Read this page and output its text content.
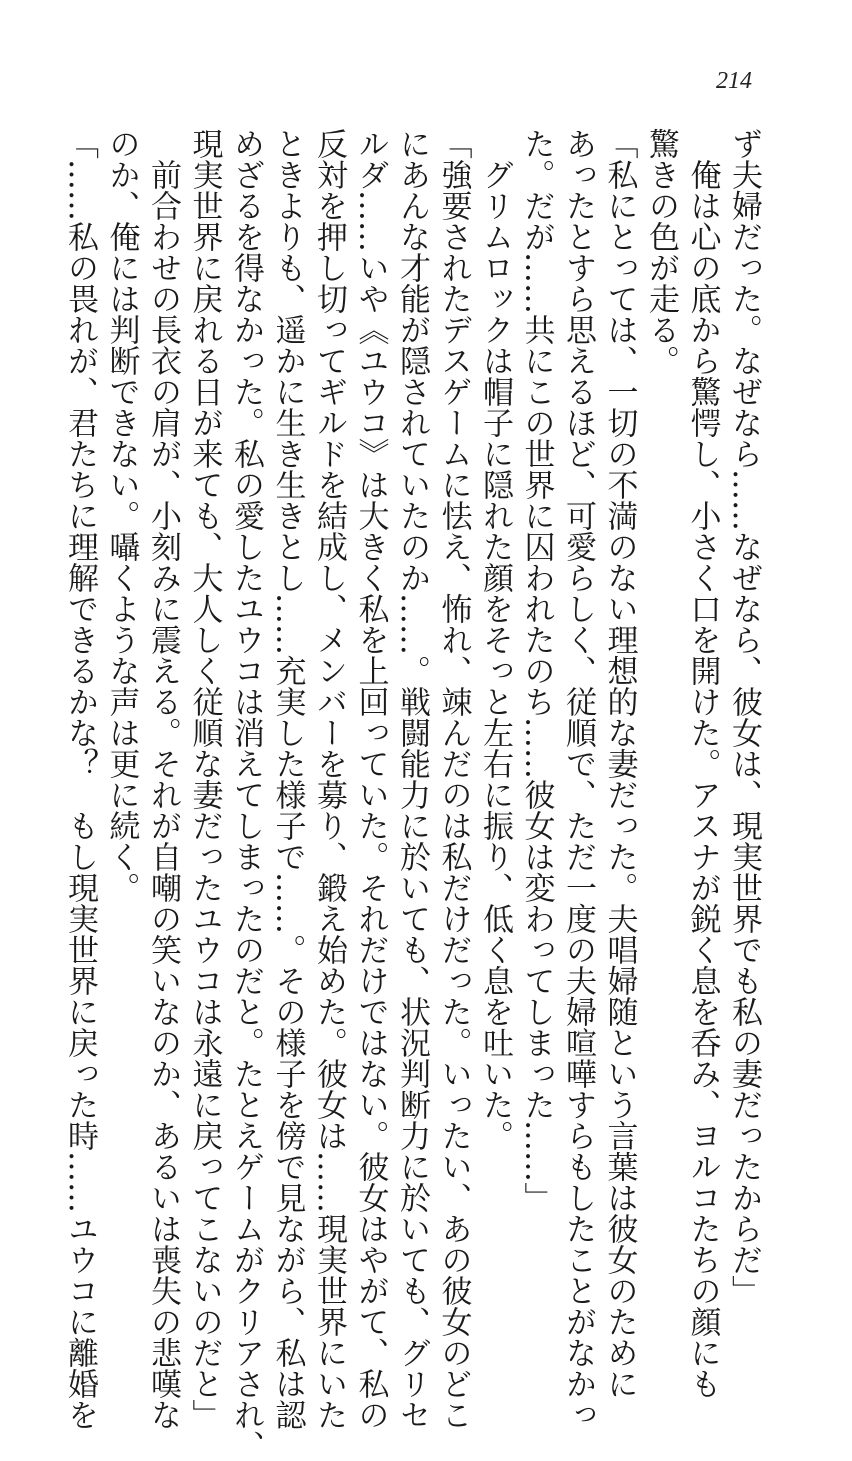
214
ず夫婦だった。なぜなら……なぜなら、彼女は、現実世界でも私の妻だったからだ」
　俺は心の底から驚愕し、小さく口を開けた。アスナが鋭く息を呑み、ヨルコたちの顔にも
驚きの色が走る。
「私にとっては、一切の不満のない理想的な妻だった。夫唱婦随という言葉は彼女のために
あったとすら思えるほど、可愛らしく、従順で、ただ一度の夫婦喧嘩すらもしたことがなかっ
た。だが……共にこの世界に囚われたのち……彼女は変わってしまった……」
　グリムロックは帽子に隠れた顔をそっと左右に振り、低く息を吐いた。
「強要されたデスゲームに怯え、怖れ、竦んだのは私だけだった。いったい、あの彼女のどこ
にあんな才能が隠されていたのか……。戦闘能力に於いても、状況判断力に於いても、グリセ
ルダ……いや《ユウコ》は大きく私を上回っていた。それだけではない。彼女はやがて、私の
反対を押し切ってギルドを結成し、メンバーを募り、鍛え始めた。彼女は……現実世界にいた
ときよりも、遥かに生き生きとし……充実した様子で……。その様子を傍で見ながら、私は認
めざるを得なかった。私の愛したユウコは消えてしまったのだと。たとえゲームがクリアされ、
現実世界に戻れる日が来ても、大人しく従順な妻だったユウコは永遠に戻ってこないのだと」
　前合わせの長衣の肩が、小刻みに震える。それが自嘲の笑いなのか、あるいは喪失の悲嘆な
のか、俺には判断できない。囁くような声は更に続く。
「……私の畏れが、君たちに理解できるかな？　もし現実世界に戻った時……ユウコに離婚を
